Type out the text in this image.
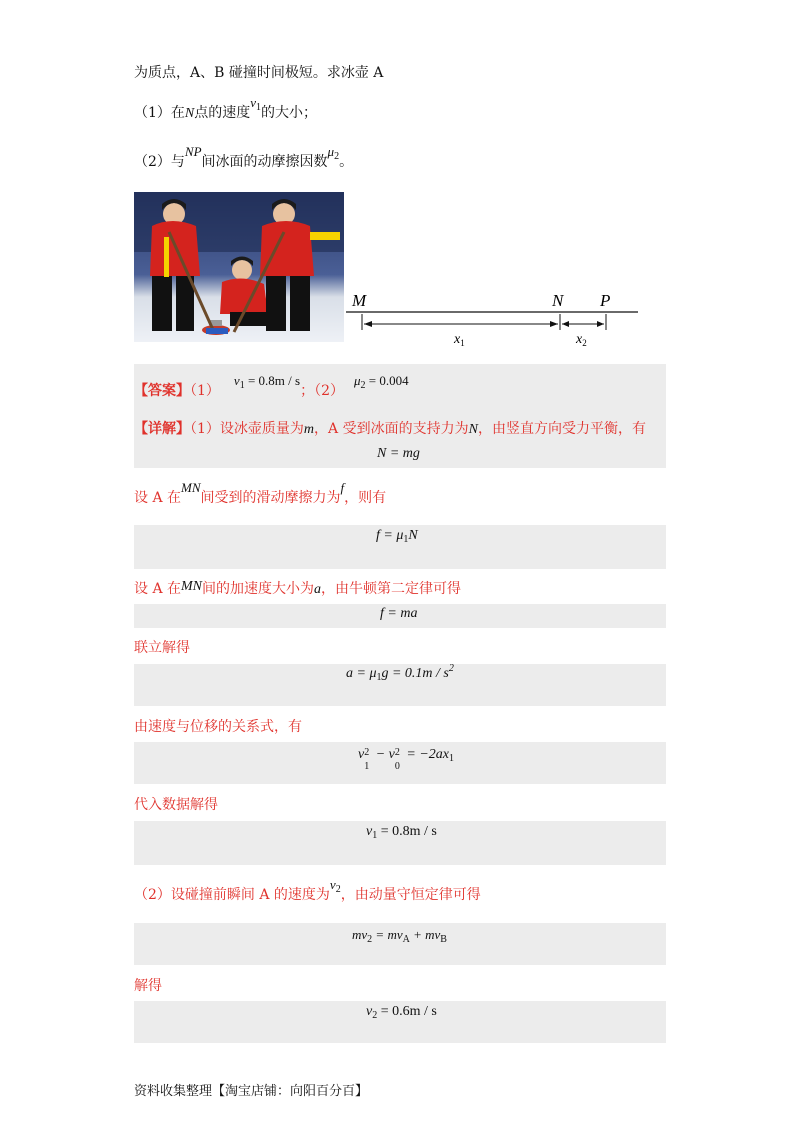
为质点，A、B 碰撞时间极短。求冰壶 A
（1）在N点的速度$v_1$的大小；
（2）与NP间冰面的动摩擦因数$\mu_2$。
M	N P
$x_1$	$x_2$
【答案】$(1)v_1 = 0.8m / s$；$(2)\mu_2 = 0.004$
【详解】（1）设冰壶质量为m，A 受到冰面的支持力为N，由竖直方向受力平衡，有
N = mg
设 A 在MN间受到的滑动摩擦力为f，则有
$f = \mu_1N$
设 A 在MN间的加速度大小为a，由牛顿第二定律可得
f = ma
联立解得
$a = \mu_1g = 0.1m / s^2$
由速度与位移的关系式，有
v 2
1
− v 2
0
= $-2ax_1$
代入数据解得
$v_1 = 0.8m / s$
（2）设碰撞前瞬间 A 的速度为$v_2$，由动量守恒定律可得
$mv_2 = mv_A + mv_B$
解得
$v_2 = 0.6m / s$
资料收集整理【淘宝店铺：向阳百分百】
